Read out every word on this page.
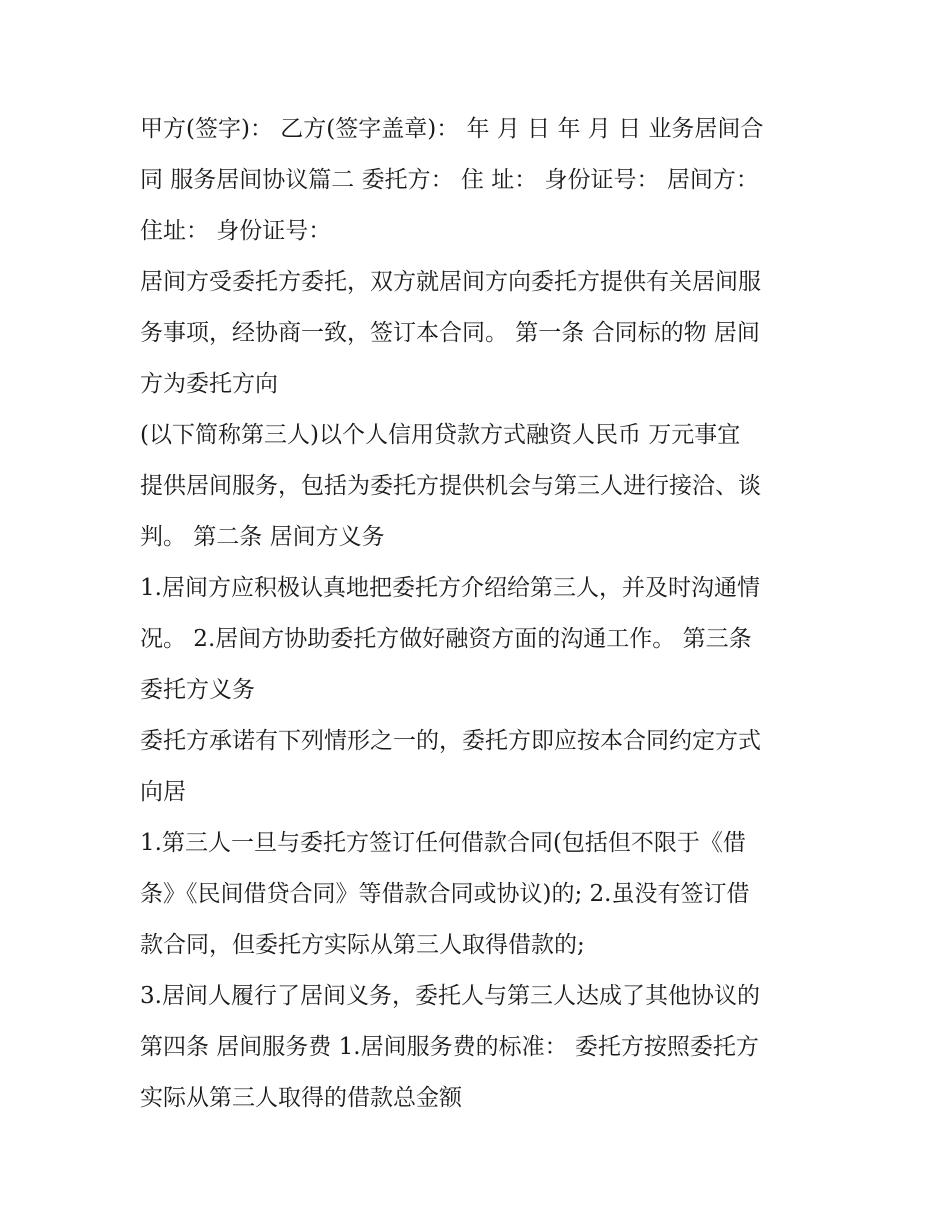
甲方(签字)： 乙方(签字盖章)： 年 月 日 年 月 日 业务居间合
同 服务居间协议篇二 委托方： 住 址： 身份证号： 居间方：
住址： 身份证号：
居间方受委托方委托，双方就居间方向委托方提供有关居间服
务事项，经协商一致，签订本合同。 第一条 合同标的物 居间
方为委托方向
(以下简称第三人)以个人信用贷款方式融资人民币 万元事宜
提供居间服务，包括为委托方提供机会与第三人进行接洽、谈
判。 第二条 居间方义务
1.居间方应积极认真地把委托方介绍给第三人，并及时沟通情
况。 2.居间方协助委托方做好融资方面的沟通工作。 第三条
委托方义务
委托方承诺有下列情形之一的，委托方即应按本合同约定方式
向居
1.第三人一旦与委托方签订任何借款合同(包括但不限于《借
条》《民间借贷合同》等借款合同或协议)的; 2.虽没有签订借
款合同，但委托方实际从第三人取得借款的;
3.居间人履行了居间义务，委托人与第三人达成了其他协议的
第四条 居间服务费 1.居间服务费的标准： 委托方按照委托方
实际从第三人取得的借款总金额
